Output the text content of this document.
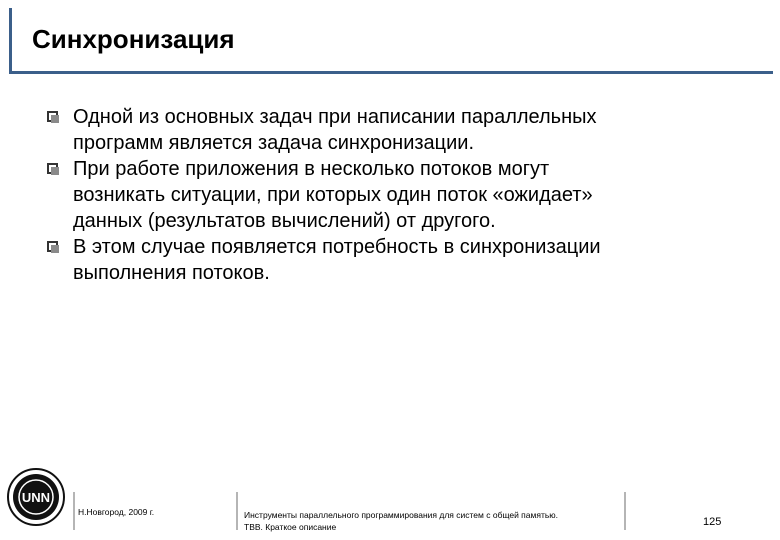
Синхронизация
Одной из основных задач при написании параллельных
программ является задача синхронизации.
При работе приложения в несколько потоков могут
возникать ситуации, при которых один поток «ожидает»
данных (результатов вычислений) от другого.
В этом случае появляется потребность в синхронизации
выполнения потоков.
UNN
Н.Новгород, 2009 г.	Инструменты параллельного программирования для систем с общей памятью.
TBB. Краткое описание	125
